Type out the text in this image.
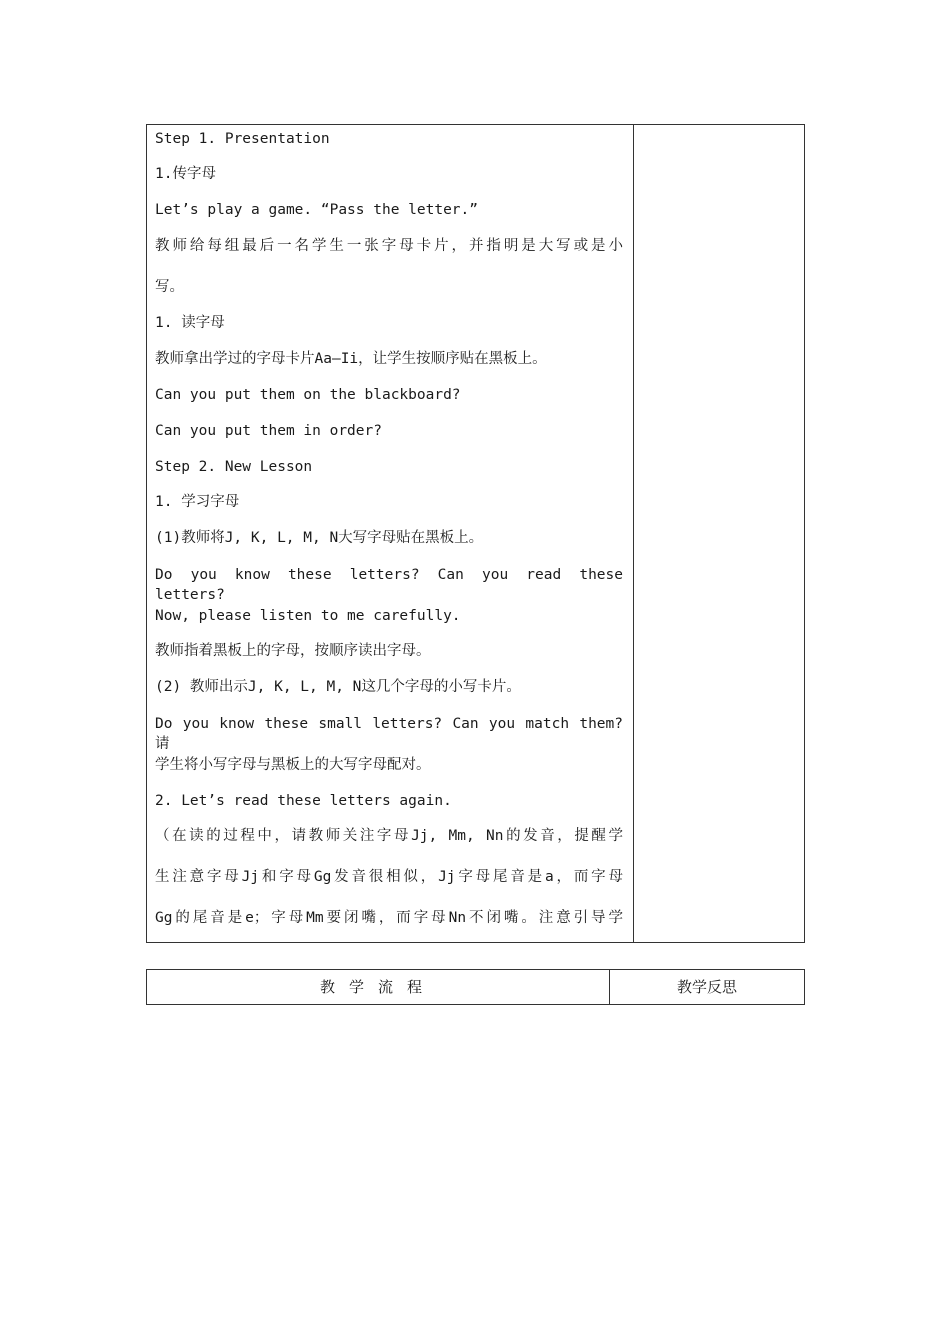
Step 1. Presentation
1.传字母
Let’s play a game. “Pass the letter.”
教师给每组最后一名学生一张字母卡片，并指明是大写或是小
写。
1. 读字母
教师拿出学过的字母卡片Aa—Ii，让学生按顺序贴在黑板上。
Can you put them on the blackboard?
Can you put them in order?
Step 2. New Lesson
1. 学习字母
(1)教师将J, K, L, M, N大写字母贴在黑板上。
Do you know these letters? Can you read these letters?
Now, please listen to me carefully.
教师指着黑板上的字母，按顺序读出字母。
(2) 教师出示J, K, L, M, N这几个字母的小写卡片。
Do you know these small letters? Can you match them?请
学生将小写字母与黑板上的大写字母配对。
2. Let’s read these letters again.
（在读的过程中，请教师关注字母Jj, Mm, Nn的发音，提醒学
生注意字母Jj和字母Gg发音很相似，Jj字母尾音是a，而字母
Gg的尾音是e；字母Mm要闭嘴，而字母Nn不闭嘴。注意引导学
教学流程	教学反思
